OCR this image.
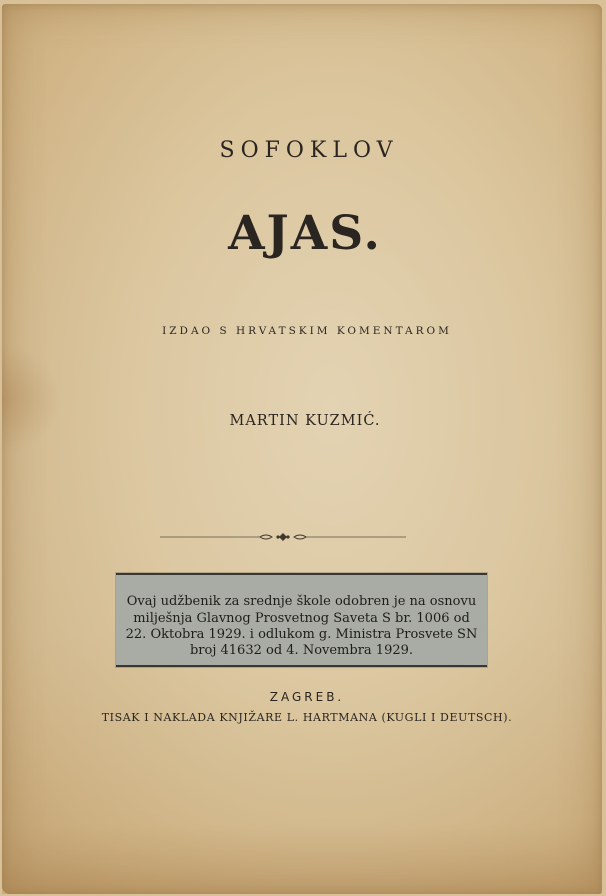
SOFOKLOV
AJAS.
IZDAO S HRVATSKIM KOMENTAROM
MARTIN KUZMIĆ.
Ovaj udžbenik za srednje škole odobren je na osnovu
milješnja Glavnog Prosvetnog Saveta S br. 1006 od
22. Oktobra 1929. i odlukom g. Ministra Prosvete SN
broj 41632 od 4. Novembra 1929.
ZAGREB.
TISAK I NAKLADA KNJIŽARE L. HARTMANA (KUGLI I DEUTSCH).
